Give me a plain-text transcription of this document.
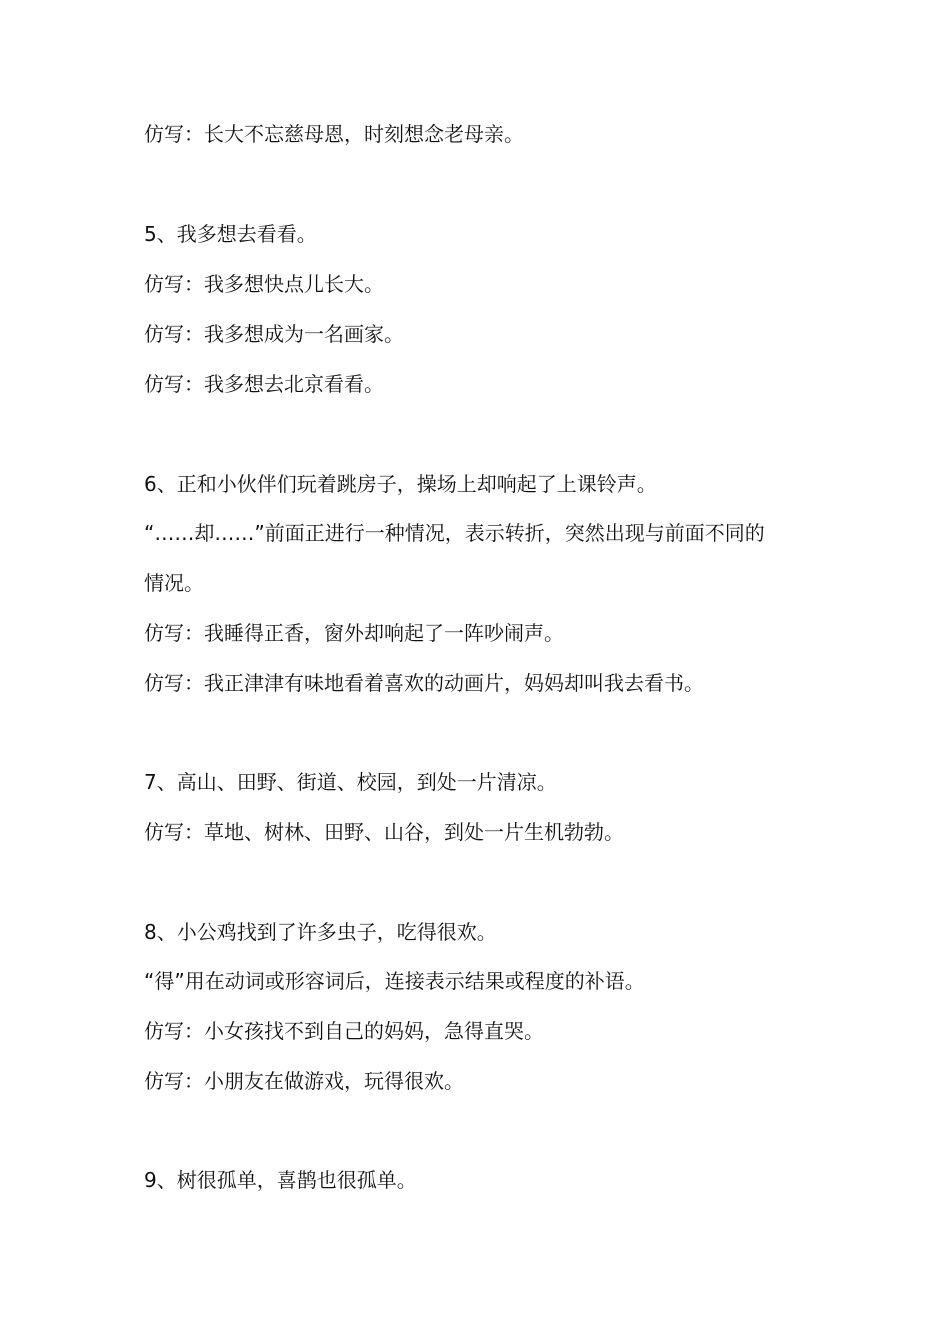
仿写：长大不忘慈母恩，时刻想念老母亲。
5、我多想去看看。
仿写：我多想快点儿长大。
仿写：我多想成为一名画家。
仿写：我多想去北京看看。
6、正和小伙伴们玩着跳房子，操场上却响起了上课铃声。
“……却……”前面正进行一种情况，表示转折，突然出现与前面不同的
情况。
仿写：我睡得正香，窗外却响起了一阵吵闹声。
仿写：我正津津有味地看着喜欢的动画片，妈妈却叫我去看书。
7、高山、田野、街道、校园，到处一片清凉。
仿写：草地、树林、田野、山谷，到处一片生机勃勃。
8、小公鸡找到了许多虫子，吃得很欢。
“得”用在动词或形容词后，连接表示结果或程度的补语。
仿写：小女孩找不到自己的妈妈，急得直哭。
仿写：小朋友在做游戏，玩得很欢。
9、树很孤单，喜鹊也很孤单。
